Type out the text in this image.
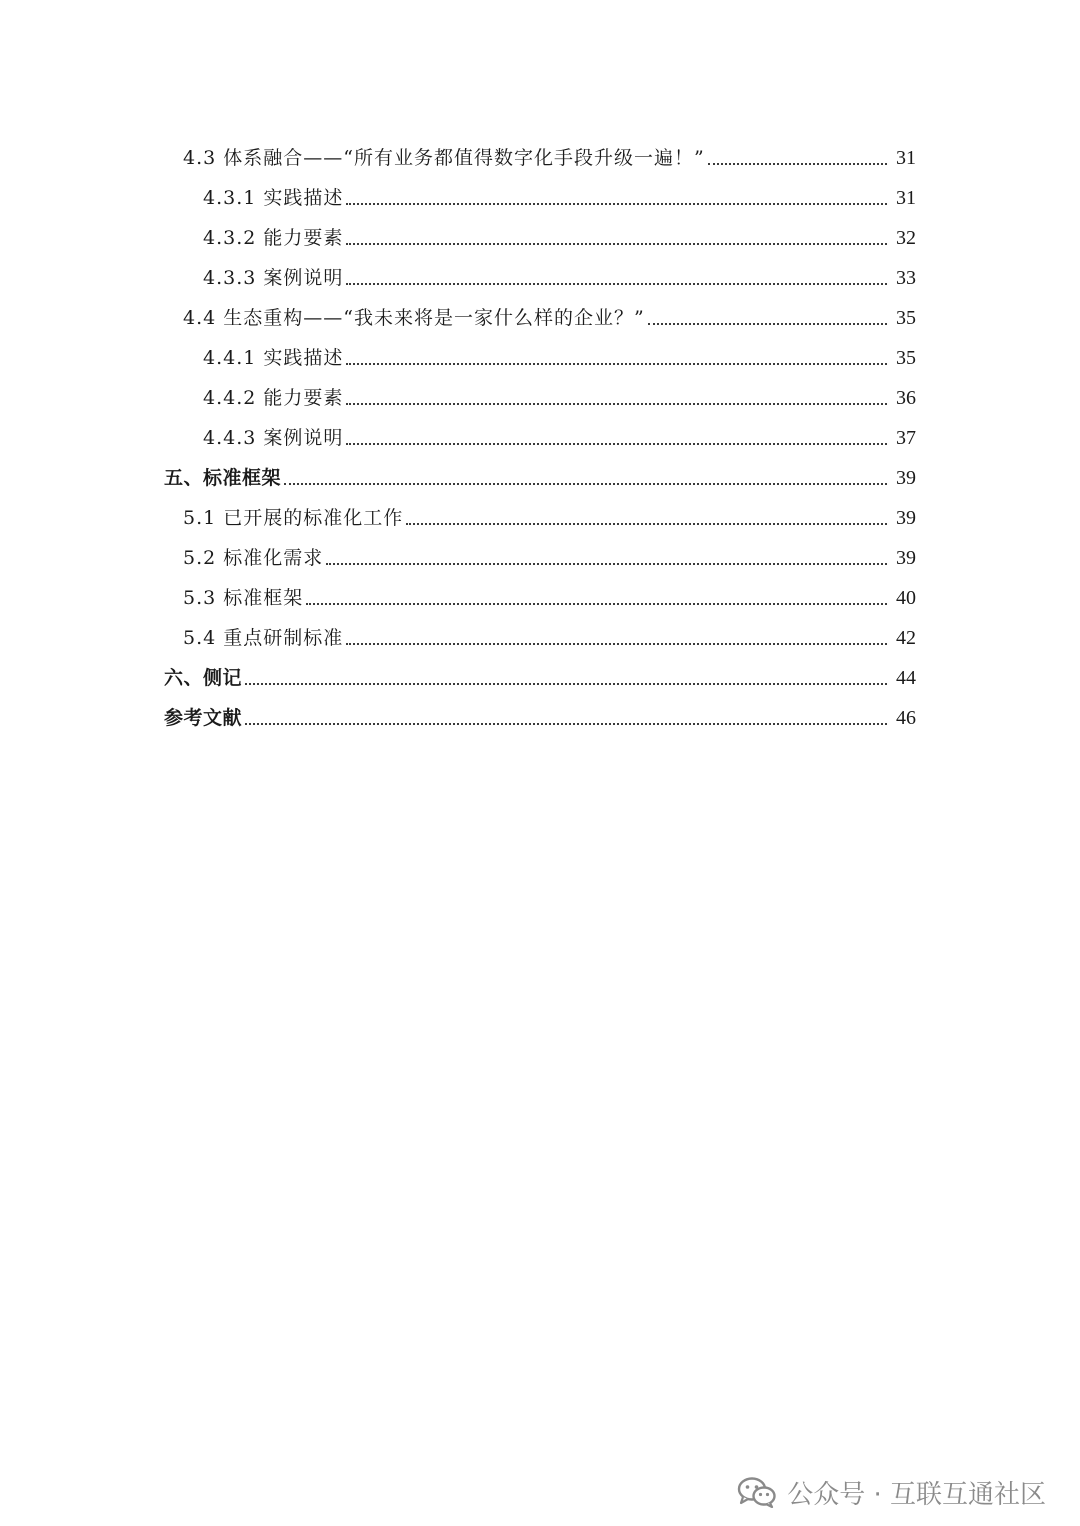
4.3 体系融合——“所有业务都值得数字化手段升级一遍！”	31
4.3.1 实践描述	31
4.3.2 能力要素	32
4.3.3 案例说明	33
4.4 生态重构——“我未来将是一家什么样的企业？”	35
4.4.1 实践描述	35
4.4.2 能力要素	36
4.4.3 案例说明	37
五、标准框架	39
5.1 已开展的标准化工作	39
5.2 标准化需求	39
5.3 标准框架	40
5.4 重点研制标准	42
六、侧记	44
参考文献	46
公众号 · 互联互通社区
